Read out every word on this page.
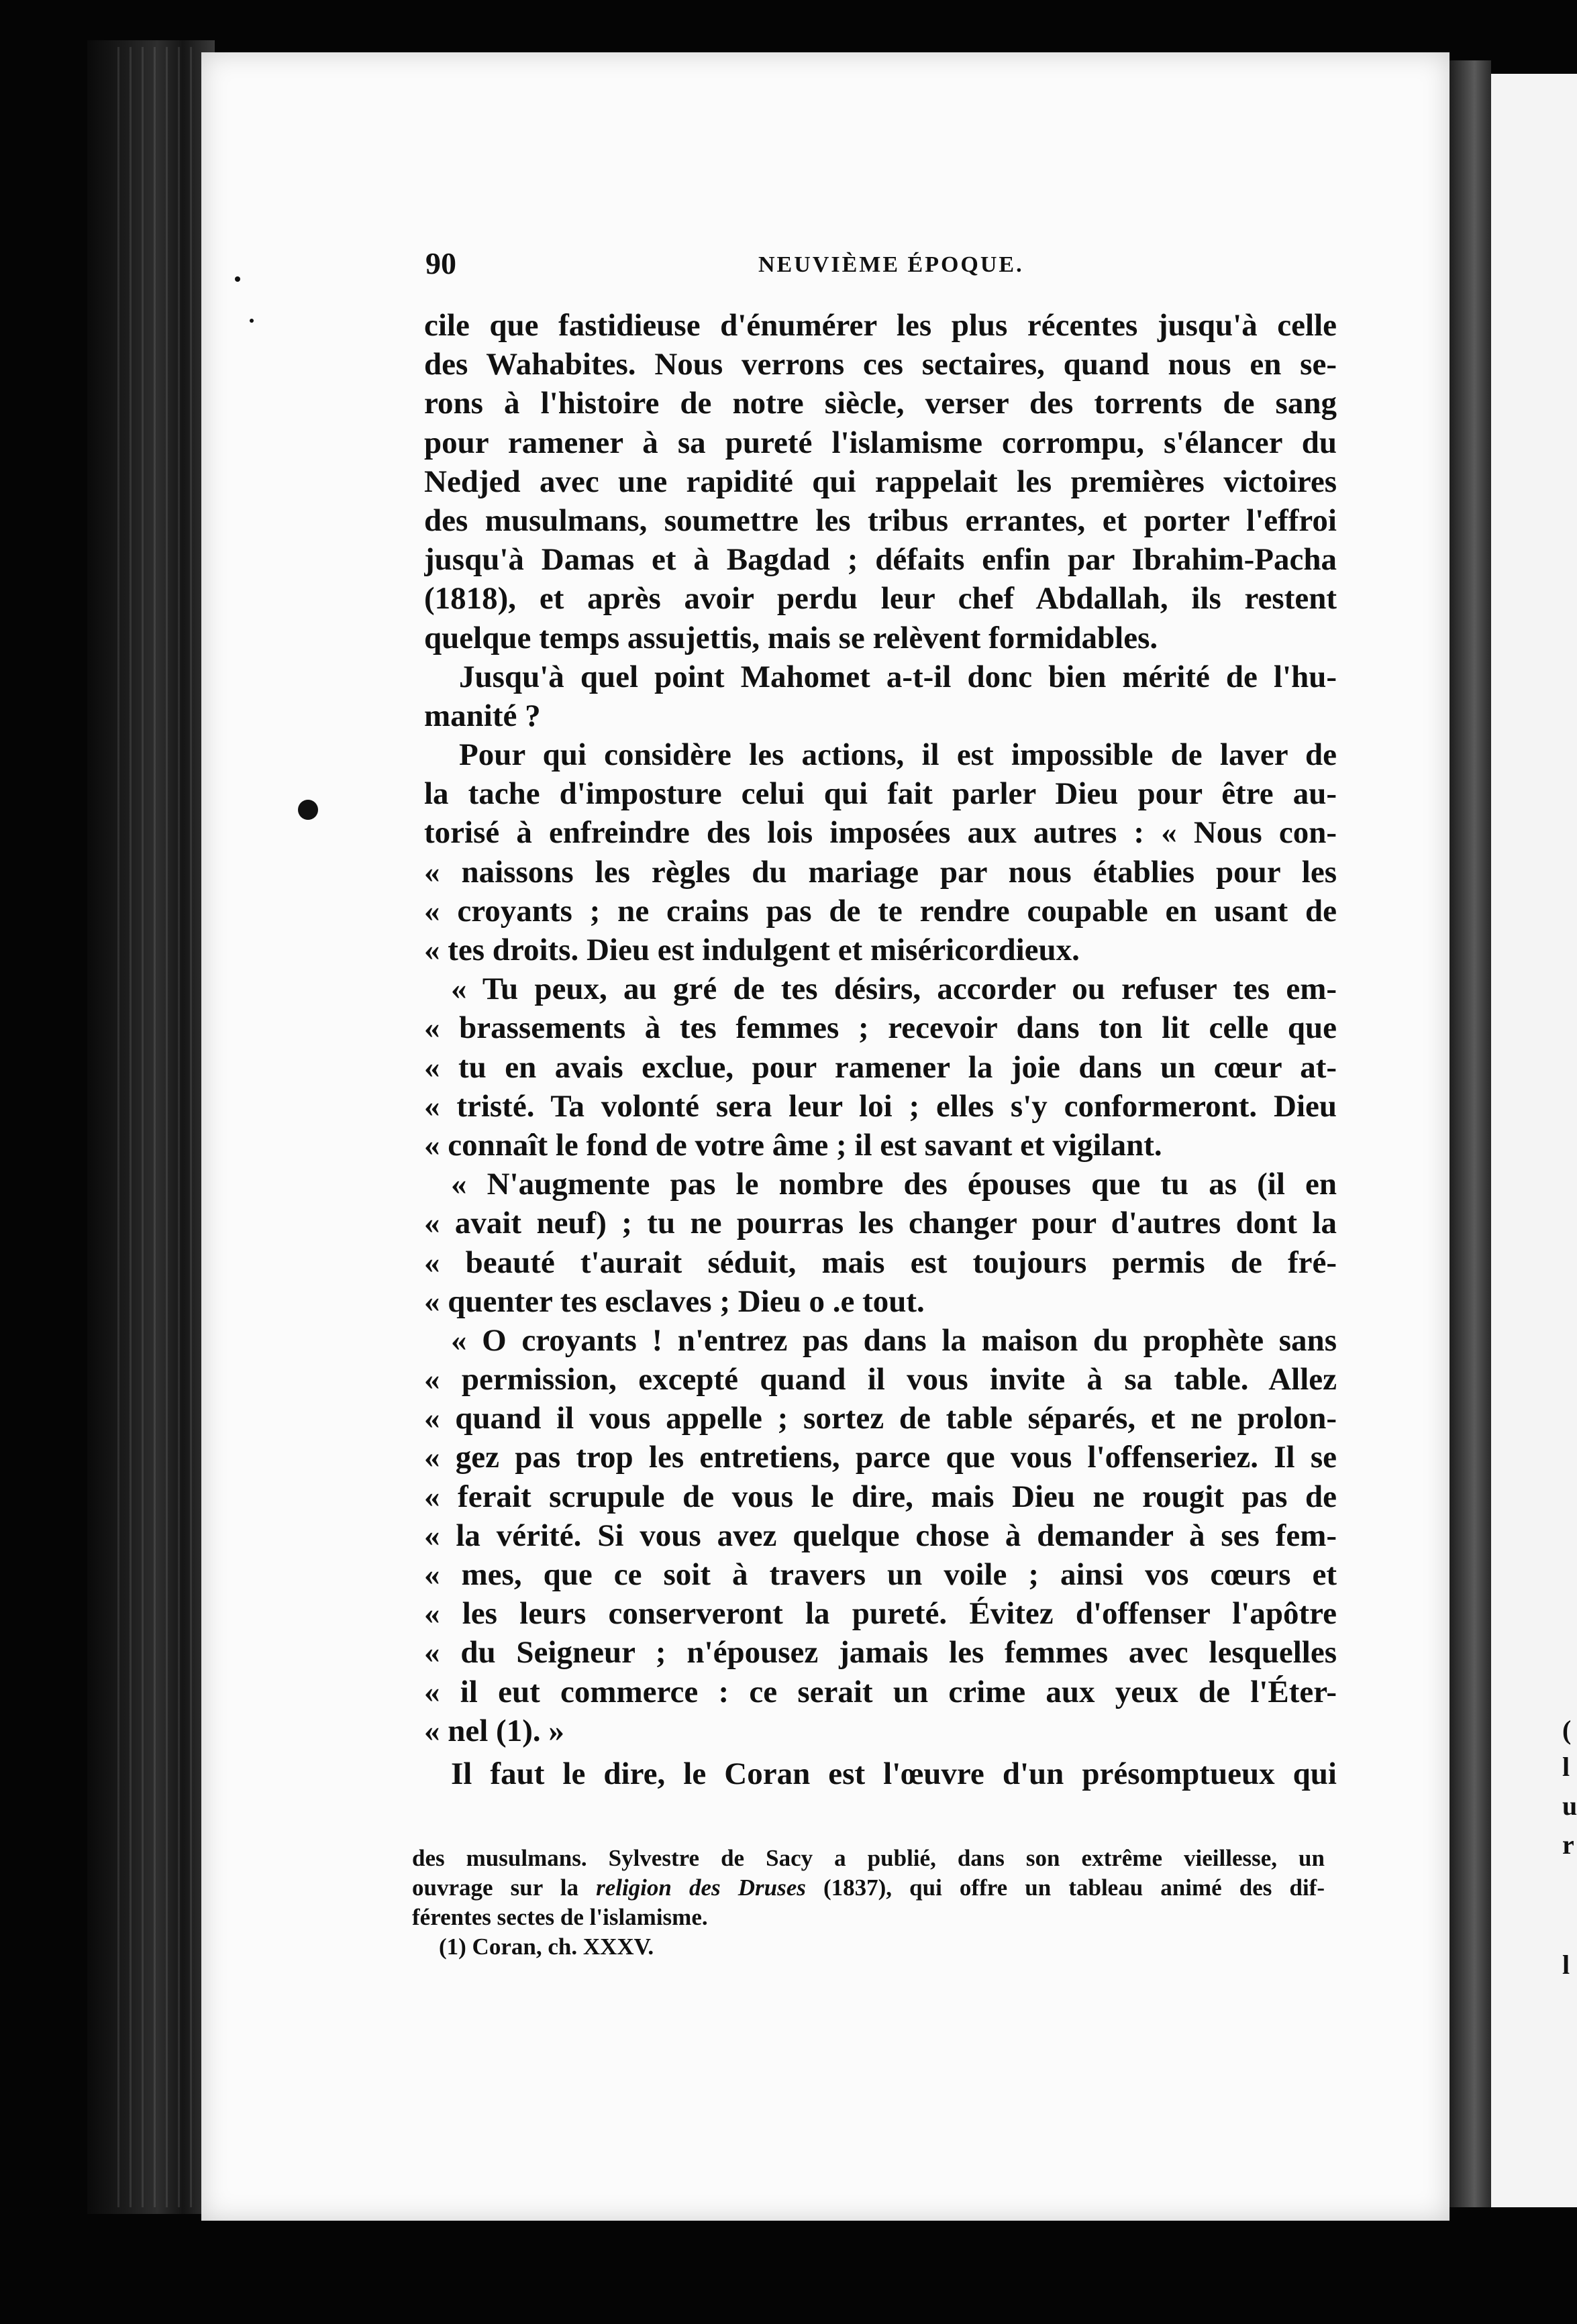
(
l
u
r
l
90	NEUVIÈME ÉPOQUE.
cile que fastidieuse d'énumérer les plus récentes jusqu'à celle
des Wahabites. Nous verrons ces sectaires, quand nous en se-
rons à l'histoire de notre siècle, verser des torrents de sang
pour ramener à sa pureté l'islamisme corrompu, s'élancer du
Nedjed avec une rapidité qui rappelait les premières victoires
des musulmans, soumettre les tribus errantes, et porter l'effroi
jusqu'à Damas et à Bagdad ; défaits enfin par Ibrahim-Pacha
(1818), et après avoir perdu leur chef Abdallah, ils restent
quelque temps assujettis, mais se relèvent formidables.
Jusqu'à quel point Mahomet a-t-il donc bien mérité de l'hu-
manité ?
Pour qui considère les actions, il est impossible de laver de
la tache d'imposture celui qui fait parler Dieu pour être au-
torisé à enfreindre des lois imposées aux autres : « Nous con-
« naissons les règles du mariage par nous établies pour les
« croyants ; ne crains pas de te rendre coupable en usant de
« tes droits. Dieu est indulgent et miséricordieux.
« Tu peux, au gré de tes désirs, accorder ou refuser tes em-
« brassements à tes femmes ; recevoir dans ton lit celle que
« tu en avais exclue, pour ramener la joie dans un cœur at-
« tristé. Ta volonté sera leur loi ; elles s'y conformeront. Dieu
« connaît le fond de votre âme ; il est savant et vigilant.
« N'augmente pas le nombre des épouses que tu as (il en
« avait neuf) ; tu ne pourras les changer pour d'autres dont la
« beauté t'aurait séduit, mais est toujours permis de fré-
« quenter tes esclaves ; Dieu o .e tout.
« O croyants ! n'entrez pas dans la maison du prophète sans
« permission, excepté quand il vous invite à sa table. Allez
« quand il vous appelle ; sortez de table séparés, et ne prolon-
« gez pas trop les entretiens, parce que vous l'offenseriez. Il se
« ferait scrupule de vous le dire, mais Dieu ne rougit pas de
« la vérité. Si vous avez quelque chose à demander à ses fem-
« mes, que ce soit à travers un voile ; ainsi vos cœurs et
« les leurs conserveront la pureté. Évitez d'offenser l'apôtre
« du Seigneur ; n'épousez jamais les femmes avec lesquelles
« il eut commerce : ce serait un crime aux yeux de l'Éter-
« nel (1). »
Il faut le dire, le Coran est l'œuvre d'un présomptueux qui
des musulmans. Sylvestre de Sacy a publié, dans son extrême vieillesse, un
ouvrage sur la religion des Druses (1837), qui offre un tableau animé des dif-
férentes sectes de l'islamisme.
(1) Coran, ch. XXXV.
